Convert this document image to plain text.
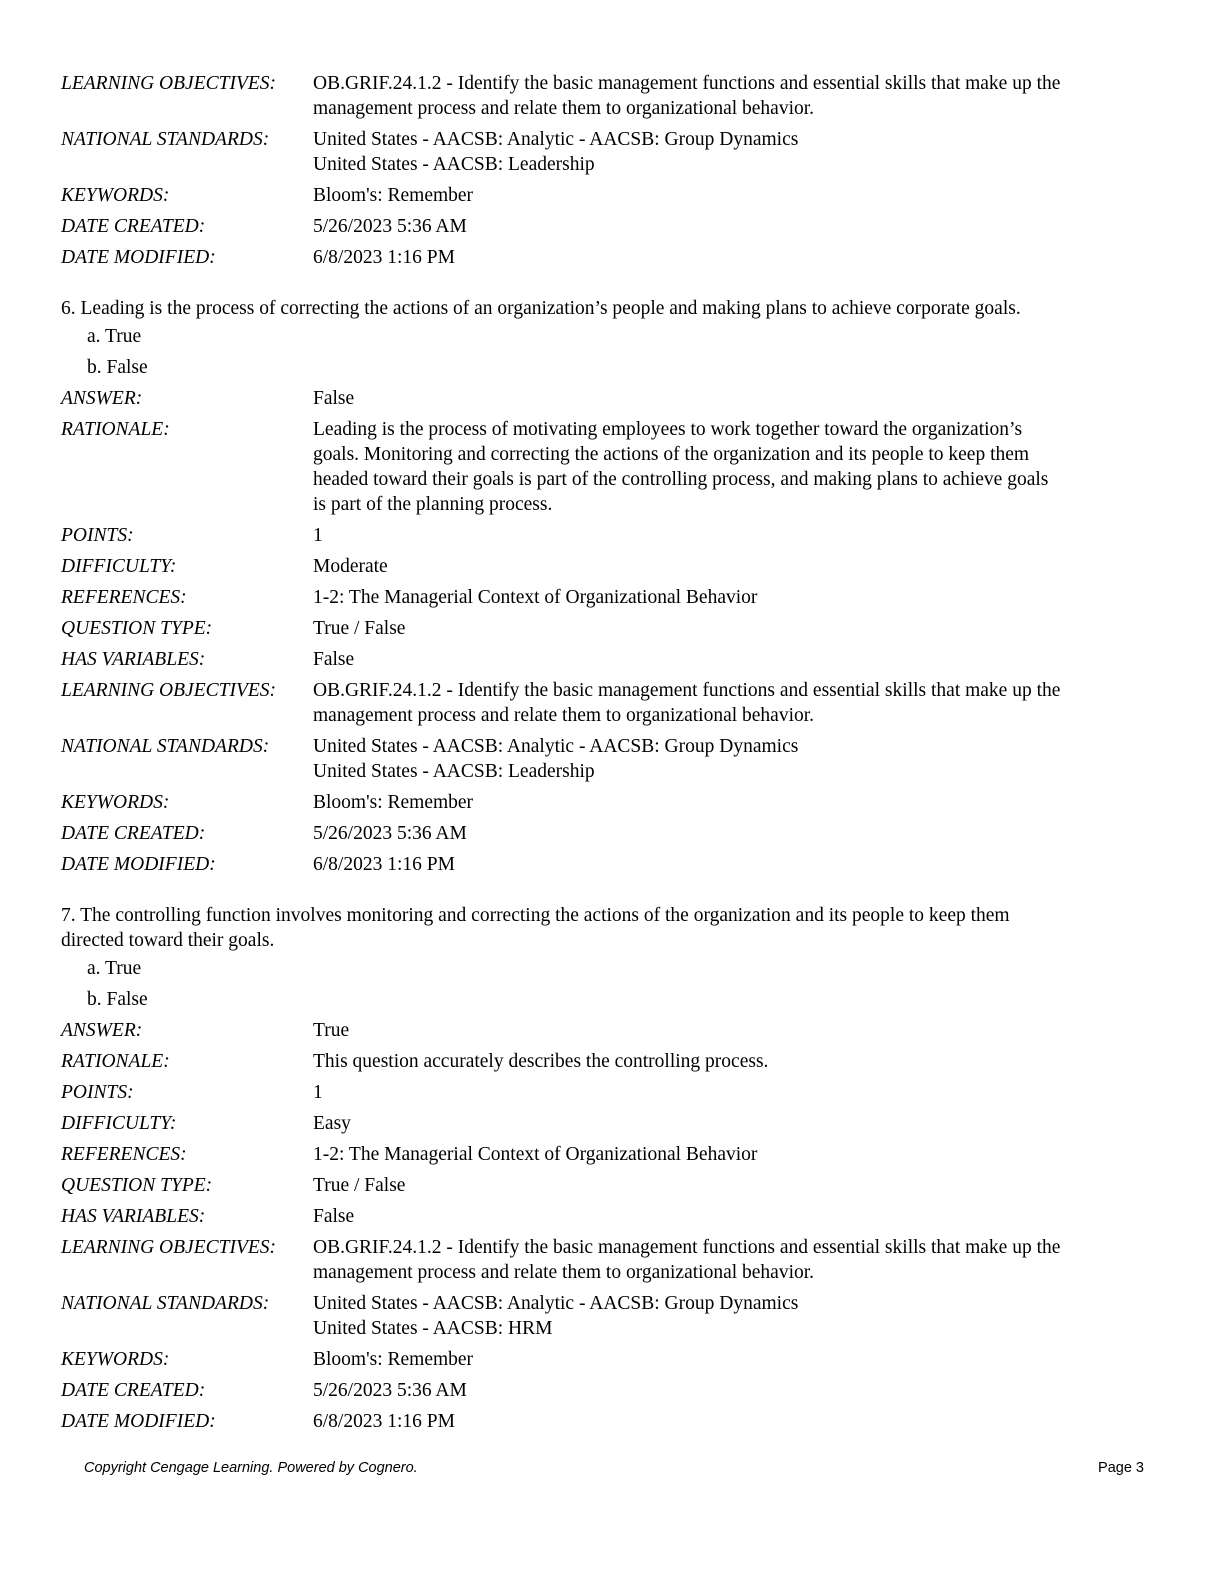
LEARNING OBJECTIVES:	OB.GRIF.24.1.2 - Identify the basic management functions and essential skills that make up the
management process and relate them to organizational behavior.
NATIONAL STANDARDS:	United States - AACSB: Analytic - AACSB: Group Dynamics
United States - AACSB: Leadership
KEYWORDS:	Bloom's: Remember
DATE CREATED:	5/26/2023 5:36 AM
DATE MODIFIED:	6/8/2023 1:16 PM
6. Leading is the process of correcting the actions of an organization’s people and making plans to achieve corporate goals.
a. True
b. False
ANSWER:	False
RATIONALE:	Leading is the process of motivating employees to work together toward the organization’s
goals. Monitoring and correcting the actions of the organization and its people to keep them
headed toward their goals is part of the controlling process, and making plans to achieve goals
is part of the planning process.
POINTS:	1
DIFFICULTY:	Moderate
REFERENCES:	1-2: The Managerial Context of Organizational Behavior
QUESTION TYPE:	True / False
HAS VARIABLES:	False
LEARNING OBJECTIVES:	OB.GRIF.24.1.2 - Identify the basic management functions and essential skills that make up the
management process and relate them to organizational behavior.
NATIONAL STANDARDS:	United States - AACSB: Analytic - AACSB: Group Dynamics
United States - AACSB: Leadership
KEYWORDS:	Bloom's: Remember
DATE CREATED:	5/26/2023 5:36 AM
DATE MODIFIED:	6/8/2023 1:16 PM
7. The controlling function involves monitoring and correcting the actions of the organization and its people to keep them
directed toward their goals.
a. True
b. False
ANSWER:	True
RATIONALE:	This question accurately describes the controlling process.
POINTS:	1
DIFFICULTY:	Easy
REFERENCES:	1-2: The Managerial Context of Organizational Behavior
QUESTION TYPE:	True / False
HAS VARIABLES:	False
LEARNING OBJECTIVES:	OB.GRIF.24.1.2 - Identify the basic management functions and essential skills that make up the
management process and relate them to organizational behavior.
NATIONAL STANDARDS:	United States - AACSB: Analytic - AACSB: Group Dynamics
United States - AACSB: HRM
KEYWORDS:	Bloom's: Remember
DATE CREATED:	5/26/2023 5:36 AM
DATE MODIFIED:	6/8/2023 1:16 PM
Copyright Cengage Learning. Powered by Cognero.	Page 3
